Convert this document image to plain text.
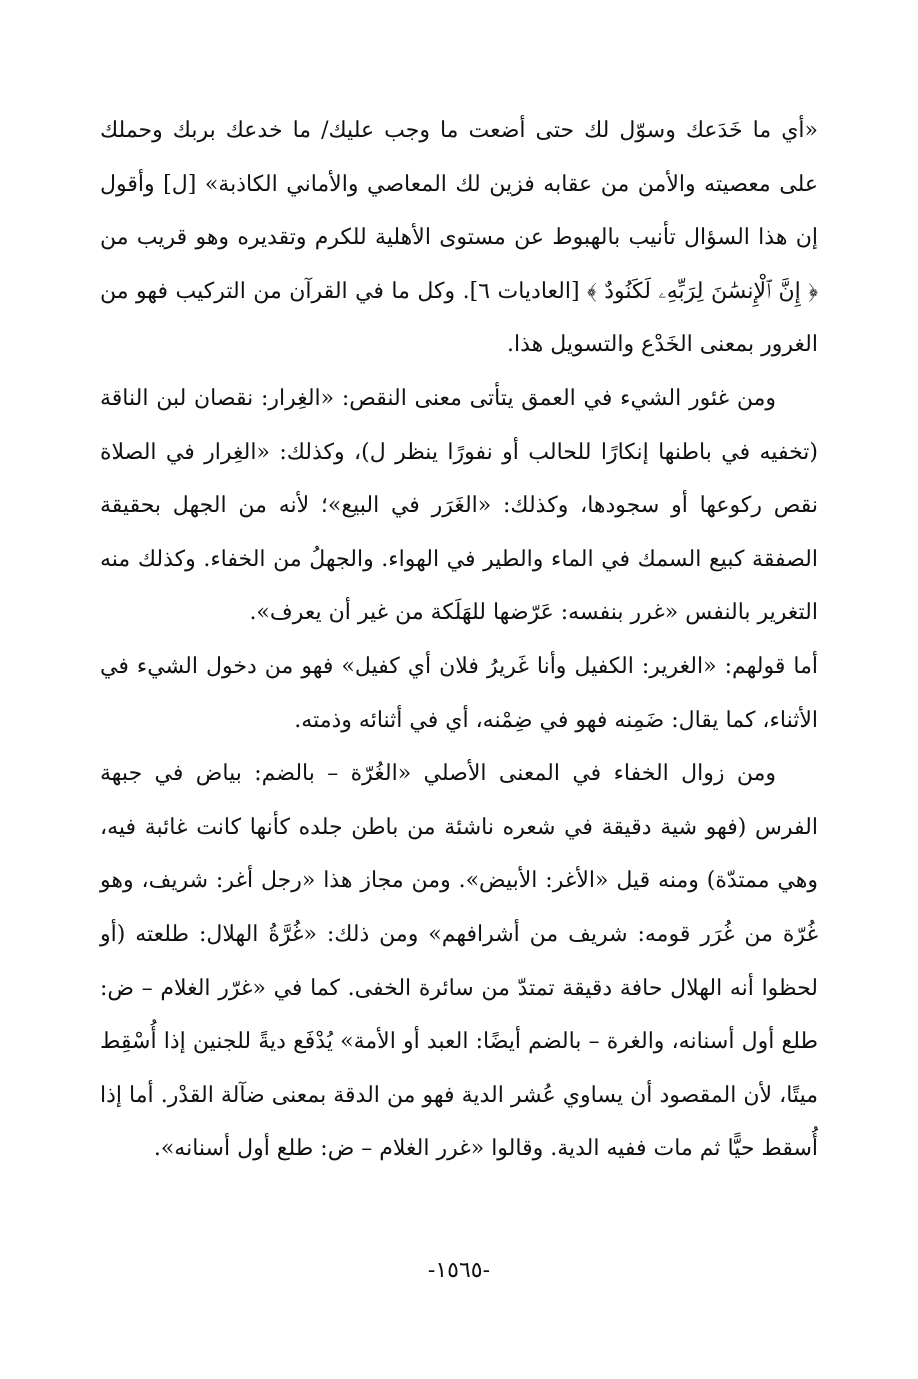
«أي ما خَدَعك وسوّل لك حتى أضعت ما وجب عليك/ ما خدعك بربك وحملك على معصيته والأمن من عقابه فزين لك المعاصي والأماني الكاذبة» [ل] وأقول إن هذا السؤال تأنيب بالهبوط عن مستوى الأهلية للكرم وتقديره وهو قريب من ﴿ إِنَّ ٱلْإِنسَٰنَ لِرَبِّهِۦ لَكَنُودٌ ﴾ [العاديات ٦]. وكل ما في القرآن من التركيب فهو من الغرور بمعنى الخَدْع والتسويل هذا.

ومن غئور الشيء في العمق يتأتى معنى النقص: «الغِرار: نقصان لبن الناقة (تخفيه في باطنها إنكارًا للحالب أو نفورًا ينظر ل)، وكذلك: «الغِرار في الصلاة نقص ركوعها أو سجودها، وكذلك: «الغَرَر في البيع»؛ لأنه من الجهل بحقيقة الصفقة كبيع السمك في الماء والطير في الهواء. والجهلُ من الخفاء. وكذلك منه التغرير بالنفس «غرر بنفسه: عَرّضها للهَلَكة من غير أن يعرف».

أما قولهم: «الغرير: الكفيل وأنا غَريرُ فلان أي كفيل» فهو من دخول الشيء في الأثناء، كما يقال: ضَمِنه فهو في ضِمْنه، أي في أثنائه وذمته.

ومن زوال الخفاء في المعنى الأصلي «الغُرّة – بالضم: بياض في جبهة الفرس (فهو شية دقيقة في شعره ناشئة من باطن جلده كأنها كانت غائبة فيه، وهي ممتدّة) ومنه قيل «الأغر: الأبيض». ومن مجاز هذا «رجل أغر: شريف، وهو غُرّة من غُرَر قومه: شريف من أشرافهم» ومن ذلك: «غُرَّةُ الهلال: طلعته (أو لحظوا أنه الهلال حافة دقيقة تمتدّ من سائرة الخفى. كما في «غرّر الغلام – ض: طلع أول أسنانه، والغرة – بالضم أيضًا: العبد أو الأمة» يُدْفَع ديةً للجنين إذا أُسْقِط ميتًا، لأن المقصود أن يساوي عُشر الدية فهو من الدقة بمعنى ضآلة القدْر. أما إذا أُسقط حيًّا ثم مات ففيه الدية. وقالوا «غرر الغلام – ض: طلع أول أسنانه».

-١٥٦٥-
